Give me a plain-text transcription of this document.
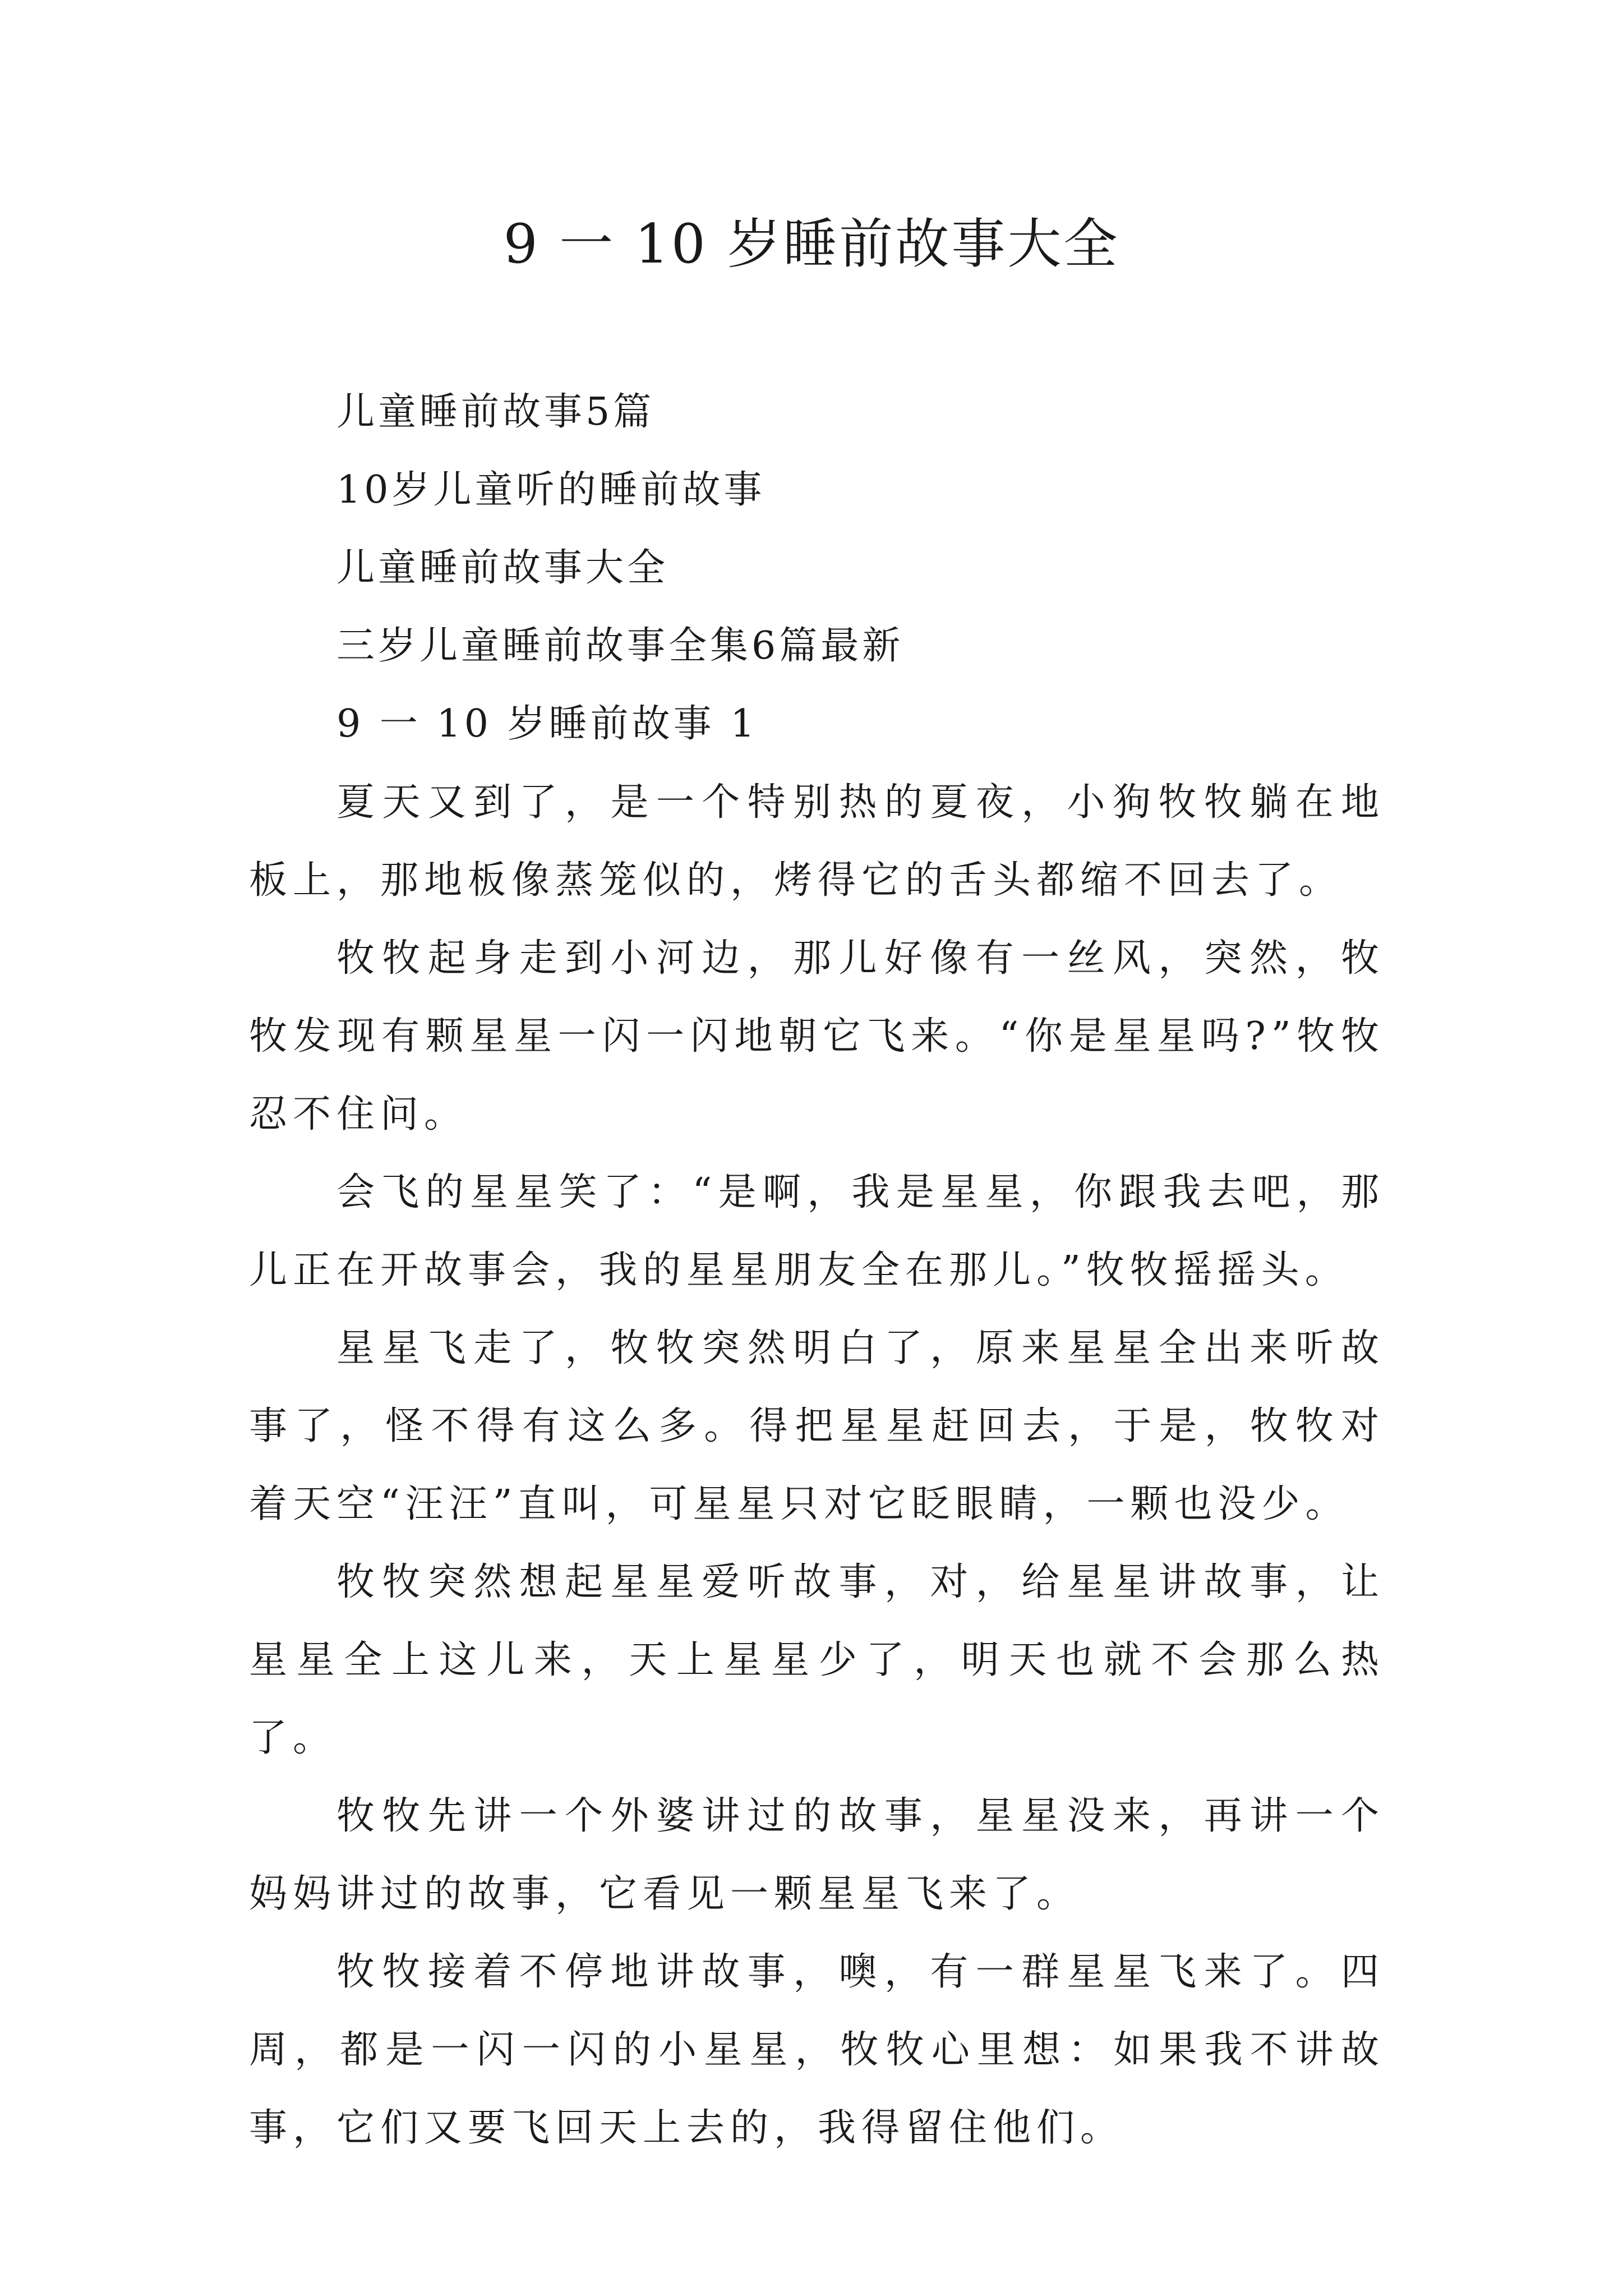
9 一 10 岁睡前故事大全
儿童睡前故事5篇
10岁儿童听的睡前故事
儿童睡前故事大全
三岁儿童睡前故事全集6篇最新
9 一 10 岁睡前故事 1

夏天又到了，是一个特别热的夏夜，小狗牧牧躺在地板上，那地板像蒸笼似的，烤得它的舌头都缩不回去了。

牧牧起身走到小河边，那儿好像有一丝风，突然，牧牧发现有颗星星一闪一闪地朝它飞来。“你是星星吗?”牧牧忍不住问。

会飞的星星笑了：“是啊，我是星星，你跟我去吧，那儿正在开故事会，我的星星朋友全在那儿。”牧牧摇摇头。

星星飞走了，牧牧突然明白了，原来星星全出来听故事了，怪不得有这么多。得把星星赶回去，于是，牧牧对着天空“汪汪”直叫，可星星只对它眨眼睛，一颗也没少。

牧牧突然想起星星爱听故事，对，给星星讲故事，让星星全上这儿来，天上星星少了，明天也就不会那么热了。

牧牧先讲一个外婆讲过的故事，星星没来，再讲一个妈妈讲过的故事，它看见一颗星星飞来了。

牧牧接着不停地讲故事，噢，有一群星星飞来了。四周，都是一闪一闪的小星星，牧牧心里想：如果我不讲故事，它们又要飞回天上去的，我得留住他们。
